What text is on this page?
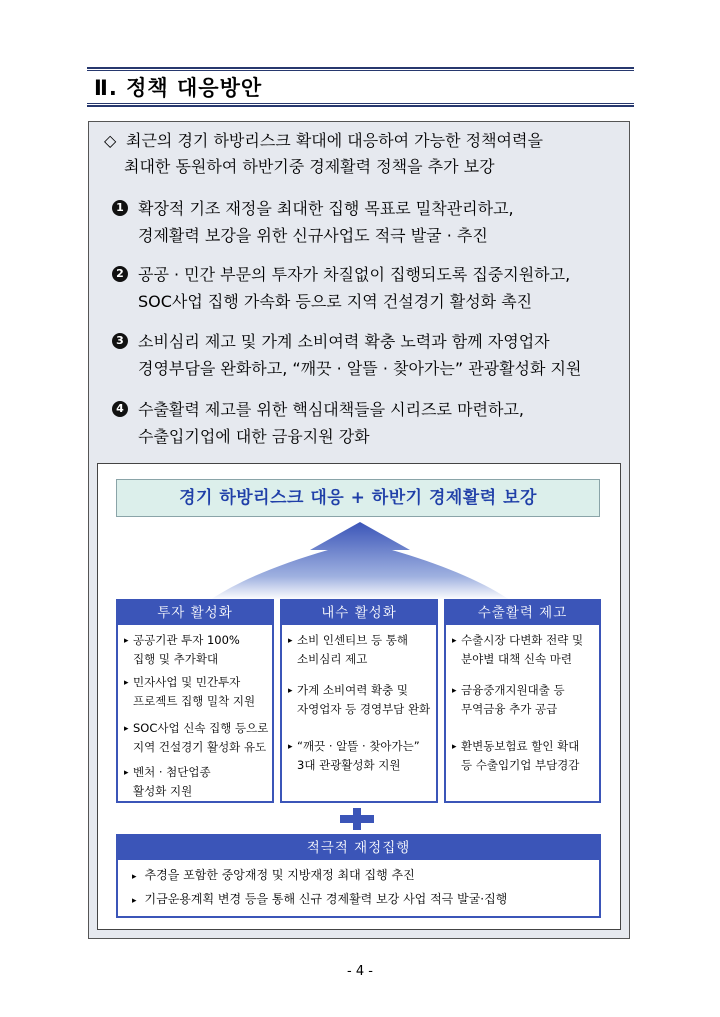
Ⅱ. 정책 대응방안
◇ 최근의 경기 하방리스크 확대에 대응하여 가능한 정책여력을
최대한 동원하여 하반기중 경제활력 정책을 추가 보강
1 확장적 기조 재정을 최대한 집행 목표로 밀착관리하고,
경제활력 보강을 위한 신규사업도 적극 발굴 · 추진
2 공공 · 민간 부문의 투자가 차질없이 집행되도록 집중지원하고,
SOC사업 집행 가속화 등으로 지역 건설경기 활성화 촉진
3 소비심리 제고 및 가계 소비여력 확충 노력과 함께 자영업자
경영부담을 완화하고, “깨끗 · 알뜰 · 찾아가는” 관광활성화 지원
4 수출활력 제고를 위한 핵심대책들을 시리즈로 마련하고,
수출입기업에 대한 금융지원 강화
경기 하방리스크 대응 + 하반기 경제활력 보강
투자 활성화
▸ 공공기관 투자 100%
집행 및 추가확대
▸ 민자사업 및 민간투자
프로젝트 집행 밀착 지원
▸ SOC사업 신속 집행 등으로
지역 건설경기 활성화 유도
▸ 벤처 · 첨단업종
활성화 지원
내수 활성화
▸ 소비 인센티브 등 통해
소비심리 제고
▸ 가계 소비여력 확충 및
자영업자 등 경영부담 완화
▸ “깨끗 · 알뜰 · 찾아가는”
3대 관광활성화 지원
수출활력 제고
▸ 수출시장 다변화 전략 및
분야별 대책 신속 마련
▸ 금융중개지원대출 등
무역금융 추가 공급
▸ 환변동보험료 할인 확대
등 수출입기업 부담경감
적극적 재정집행
▸ 추경을 포함한 중앙재정 및 지방재정 최대 집행 추진
▸ 기금운용계획 변경 등을 통해 신규 경제활력 보강 사업 적극 발굴·집행
- 4 -
